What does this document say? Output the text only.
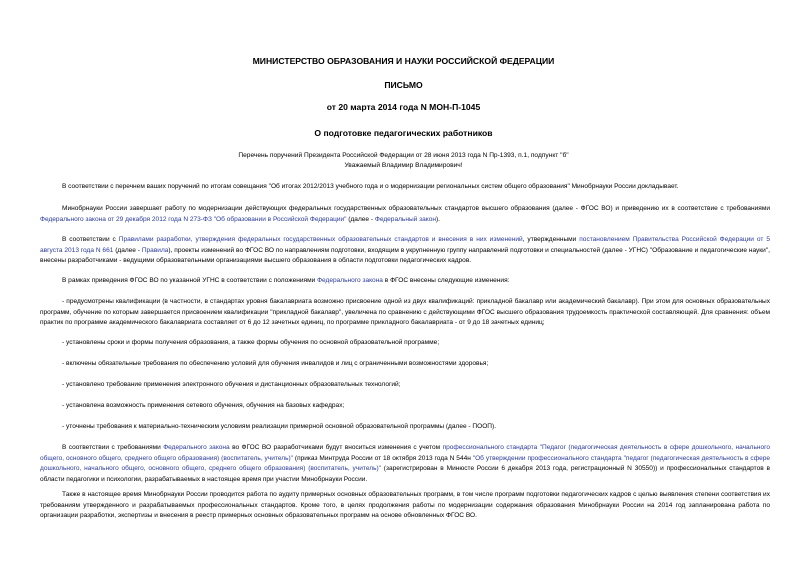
МИНИСТЕРСТВО ОБРАЗОВАНИЯ И НАУКИ РОССИЙСКОЙ ФЕДЕРАЦИИ
ПИСЬМО
от 20 марта 2014 года N МОН-П-1045
О подготовке педагогических работников
Перечень поручений Президента Российской Федерации от 28 июня 2013 года N Пр-1393, п.1, подпункт "б"
Уважаемый Владимир Владимирович!

В соответствии с перечнем ваших поручений по итогам совещания "Об итогах 2012/2013 учебного года и о модернизации региональных систем общего образования" Минобрнауки России докладывает.

Минобрнауки России завершает работу по модернизации действующих федеральных государственных образовательных стандартов высшего образования (далее - ФГОС ВО) и приведению их в соответствие с требованиями Федерального закона от 29 декабря 2012 года N 273-ФЗ "Об образовании в Российской Федерации" (далее - Федеральный закон).

В соответствии с Правилами разработки, утверждения федеральных государственных образовательных стандартов и внесения в них изменений, утвержденными постановлением Правительства Российской Федерации от 5 августа 2013 года N 661 (далее - Правила), проекты изменений во ФГОС ВО по направлениям подготовки, входящим в укрупненную группу направлений подготовки и специальностей (далее - УГНС) "Образование и педагогические науки", внесены разработчиками - ведущими образовательными организациями высшего образования в области подготовки педагогических кадров.

В рамках приведения ФГОС ВО по указанной УГНС в соответствии с положениями Федерального закона в ФГОС внесены следующие изменения:

- предусмотрены квалификации (в частности, в стандартах уровня бакалавриата возможно присвоение одной из двух квалификаций: прикладной бакалавр или академический бакалавр). При этом для основных образовательных программ, обучение по которым завершается присвоением квалификации "прикладной бакалавр", увеличена по сравнению с действующими ФГОС высшего образования трудоемкость практической составляющей. Для сравнения: объем практик по программе академического бакалавриата составляет от 6 до 12 зачетных единиц, по программе прикладного бакалавриата - от 9 до 18 зачетных единиц;

- установлены сроки и формы получения образования, а также формы обучения по основной образовательной программе;

- включены обязательные требования по обеспечению условий для обучения инвалидов и лиц с ограниченными возможностями здоровья;

- установлено требование применения электронного обучения и дистанционных образовательных технологий;

- установлена возможность применения сетевого обучения, обучения на базовых кафедрах;

- уточнены требования к материально-техническим условиям реализации примерной основной образовательной программы (далее - ПООП).

В соответствии с требованиями Федерального закона во ФГОС ВО разработчиками будут вноситься изменения с учетом профессионального стандарта "Педагог (педагогическая деятельность в сфере дошкольного, начального общего, основного общего, среднего общего образования) (воспитатель, учитель)" (приказ Минтруда России от 18 октября 2013 года N 544н "Об утверждении профессионального стандарта "педагог (педагогическая деятельность в сфере дошкольного, начального общего, основного общего, среднего общего образования) (воспитатель, учитель)" (зарегистрирован в Минюсте России 6 декабря 2013 года, регистрационный N 30550)) и профессиональных стандартов в области педагогики и психологии, разрабатываемых в настоящее время при участии Минобрнауки России.

Также в настоящее время Минобрнауки России проводится работа по аудиту примерных основных образовательных программ, в том числе программ подготовки педагогических кадров с целью выявления степени соответствия их требованиям утвержденного и разрабатываемых профессиональных стандартов. Кроме того, в целях продолжения работы по модернизации содержания образования Минобрнауки России на 2014 год запланирована работа по организации разработки, экспертизы и внесения в реестр примерных основных образовательных программ на основе обновленных ФГОС ВО.
